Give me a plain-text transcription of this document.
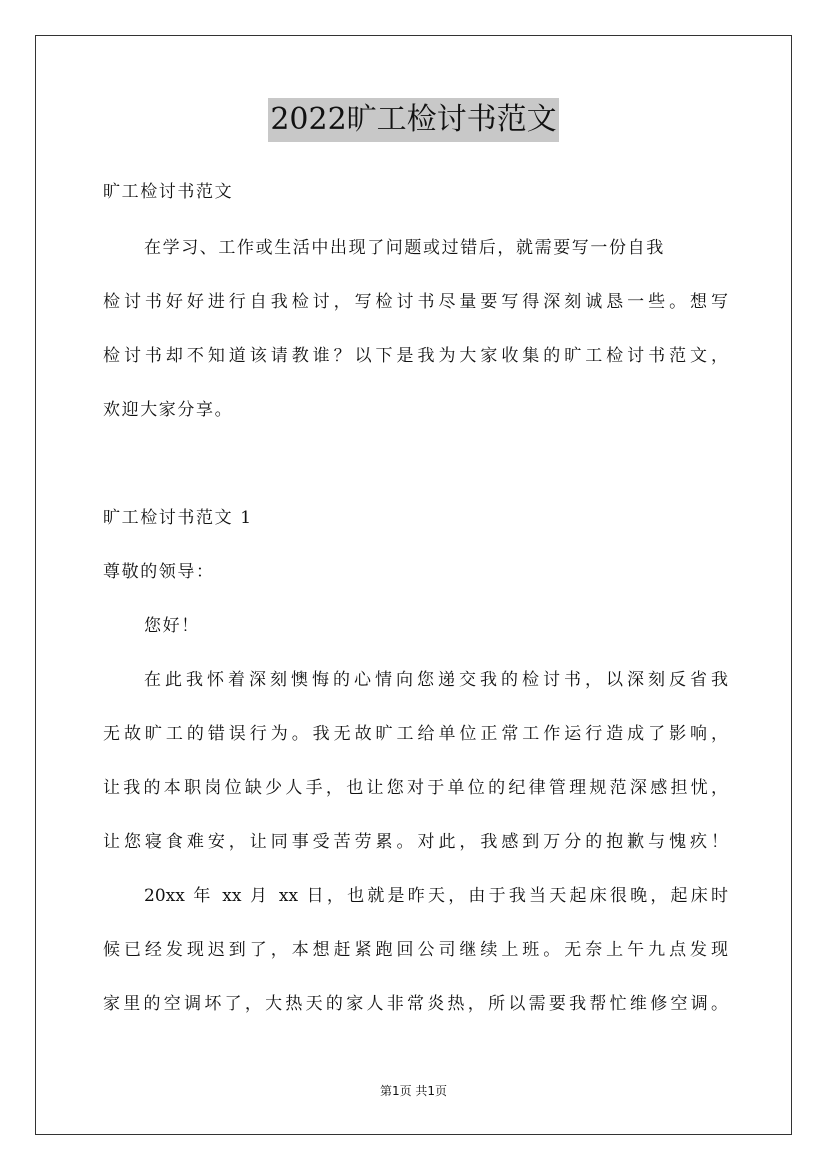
2022旷工检讨书范文
旷工检讨书范文
在学习、工作或生活中出现了问题或过错后，就需要写一份自我
检讨书好好进行自我检讨，写检讨书尽量要写得深刻诚恳一些。想写
检讨书却不知道该请教谁？以下是我为大家收集的旷工检讨书范文，
欢迎大家分享。
旷工检讨书范文 1
尊敬的领导：
您好！
在此我怀着深刻懊悔的心情向您递交我的检讨书，以深刻反省我
无故旷工的错误行为。我无故旷工给单位正常工作运行造成了影响，
让我的本职岗位缺少人手，也让您对于单位的纪律管理规范深感担忧，
让您寝食难安，让同事受苦劳累。对此，我感到万分的抱歉与愧疚！
20xx 年 xx 月 xx 日，也就是昨天，由于我当天起床很晚，起床时
候已经发现迟到了，本想赶紧跑回公司继续上班。无奈上午九点发现
家里的空调坏了，大热天的家人非常炎热，所以需要我帮忙维修空调。
第1页 共1页
